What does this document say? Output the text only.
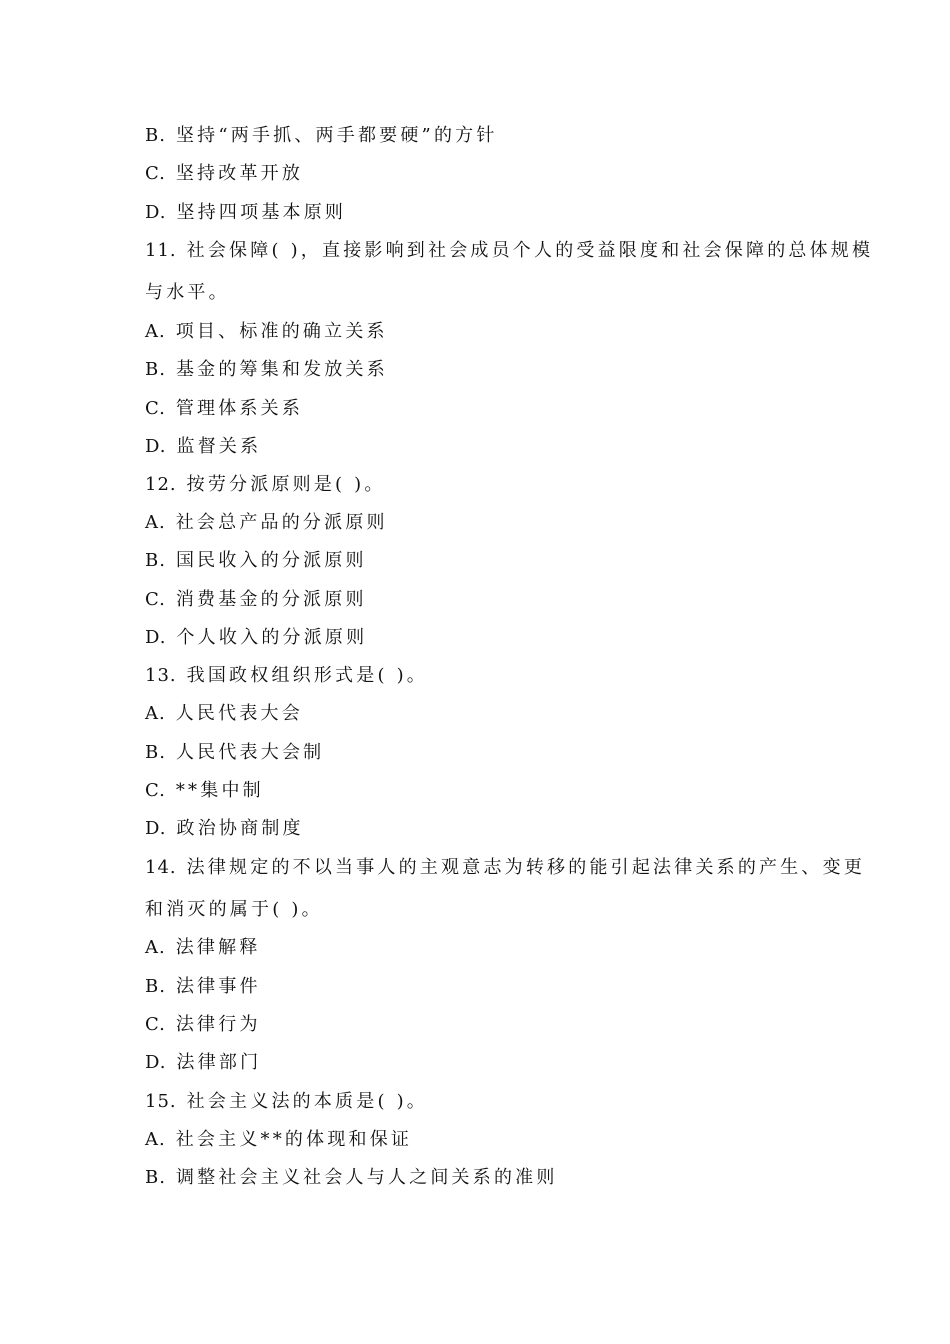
B. 坚持“两手抓、两手都要硬”的方针
C. 坚持改革开放
D. 坚持四项基本原则
11. 社会保障( )，直接影响到社会成员个人的受益限度和社会保障的总体规模
与水平。
A. 项目、标准的确立关系
B. 基金的筹集和发放关系
C. 管理体系关系
D. 监督关系
12. 按劳分派原则是( )。
A. 社会总产品的分派原则
B. 国民收入的分派原则
C. 消费基金的分派原则
D. 个人收入的分派原则
13. 我国政权组织形式是( )。
A. 人民代表大会
B. 人民代表大会制
C. **集中制
D. 政治协商制度
14. 法律规定的不以当事人的主观意志为转移的能引起法律关系的产生、变更
和消灭的属于( )。
A. 法律解释
B. 法律事件
C. 法律行为
D. 法律部门
15. 社会主义法的本质是( )。
A. 社会主义**的体现和保证
B. 调整社会主义社会人与人之间关系的准则
